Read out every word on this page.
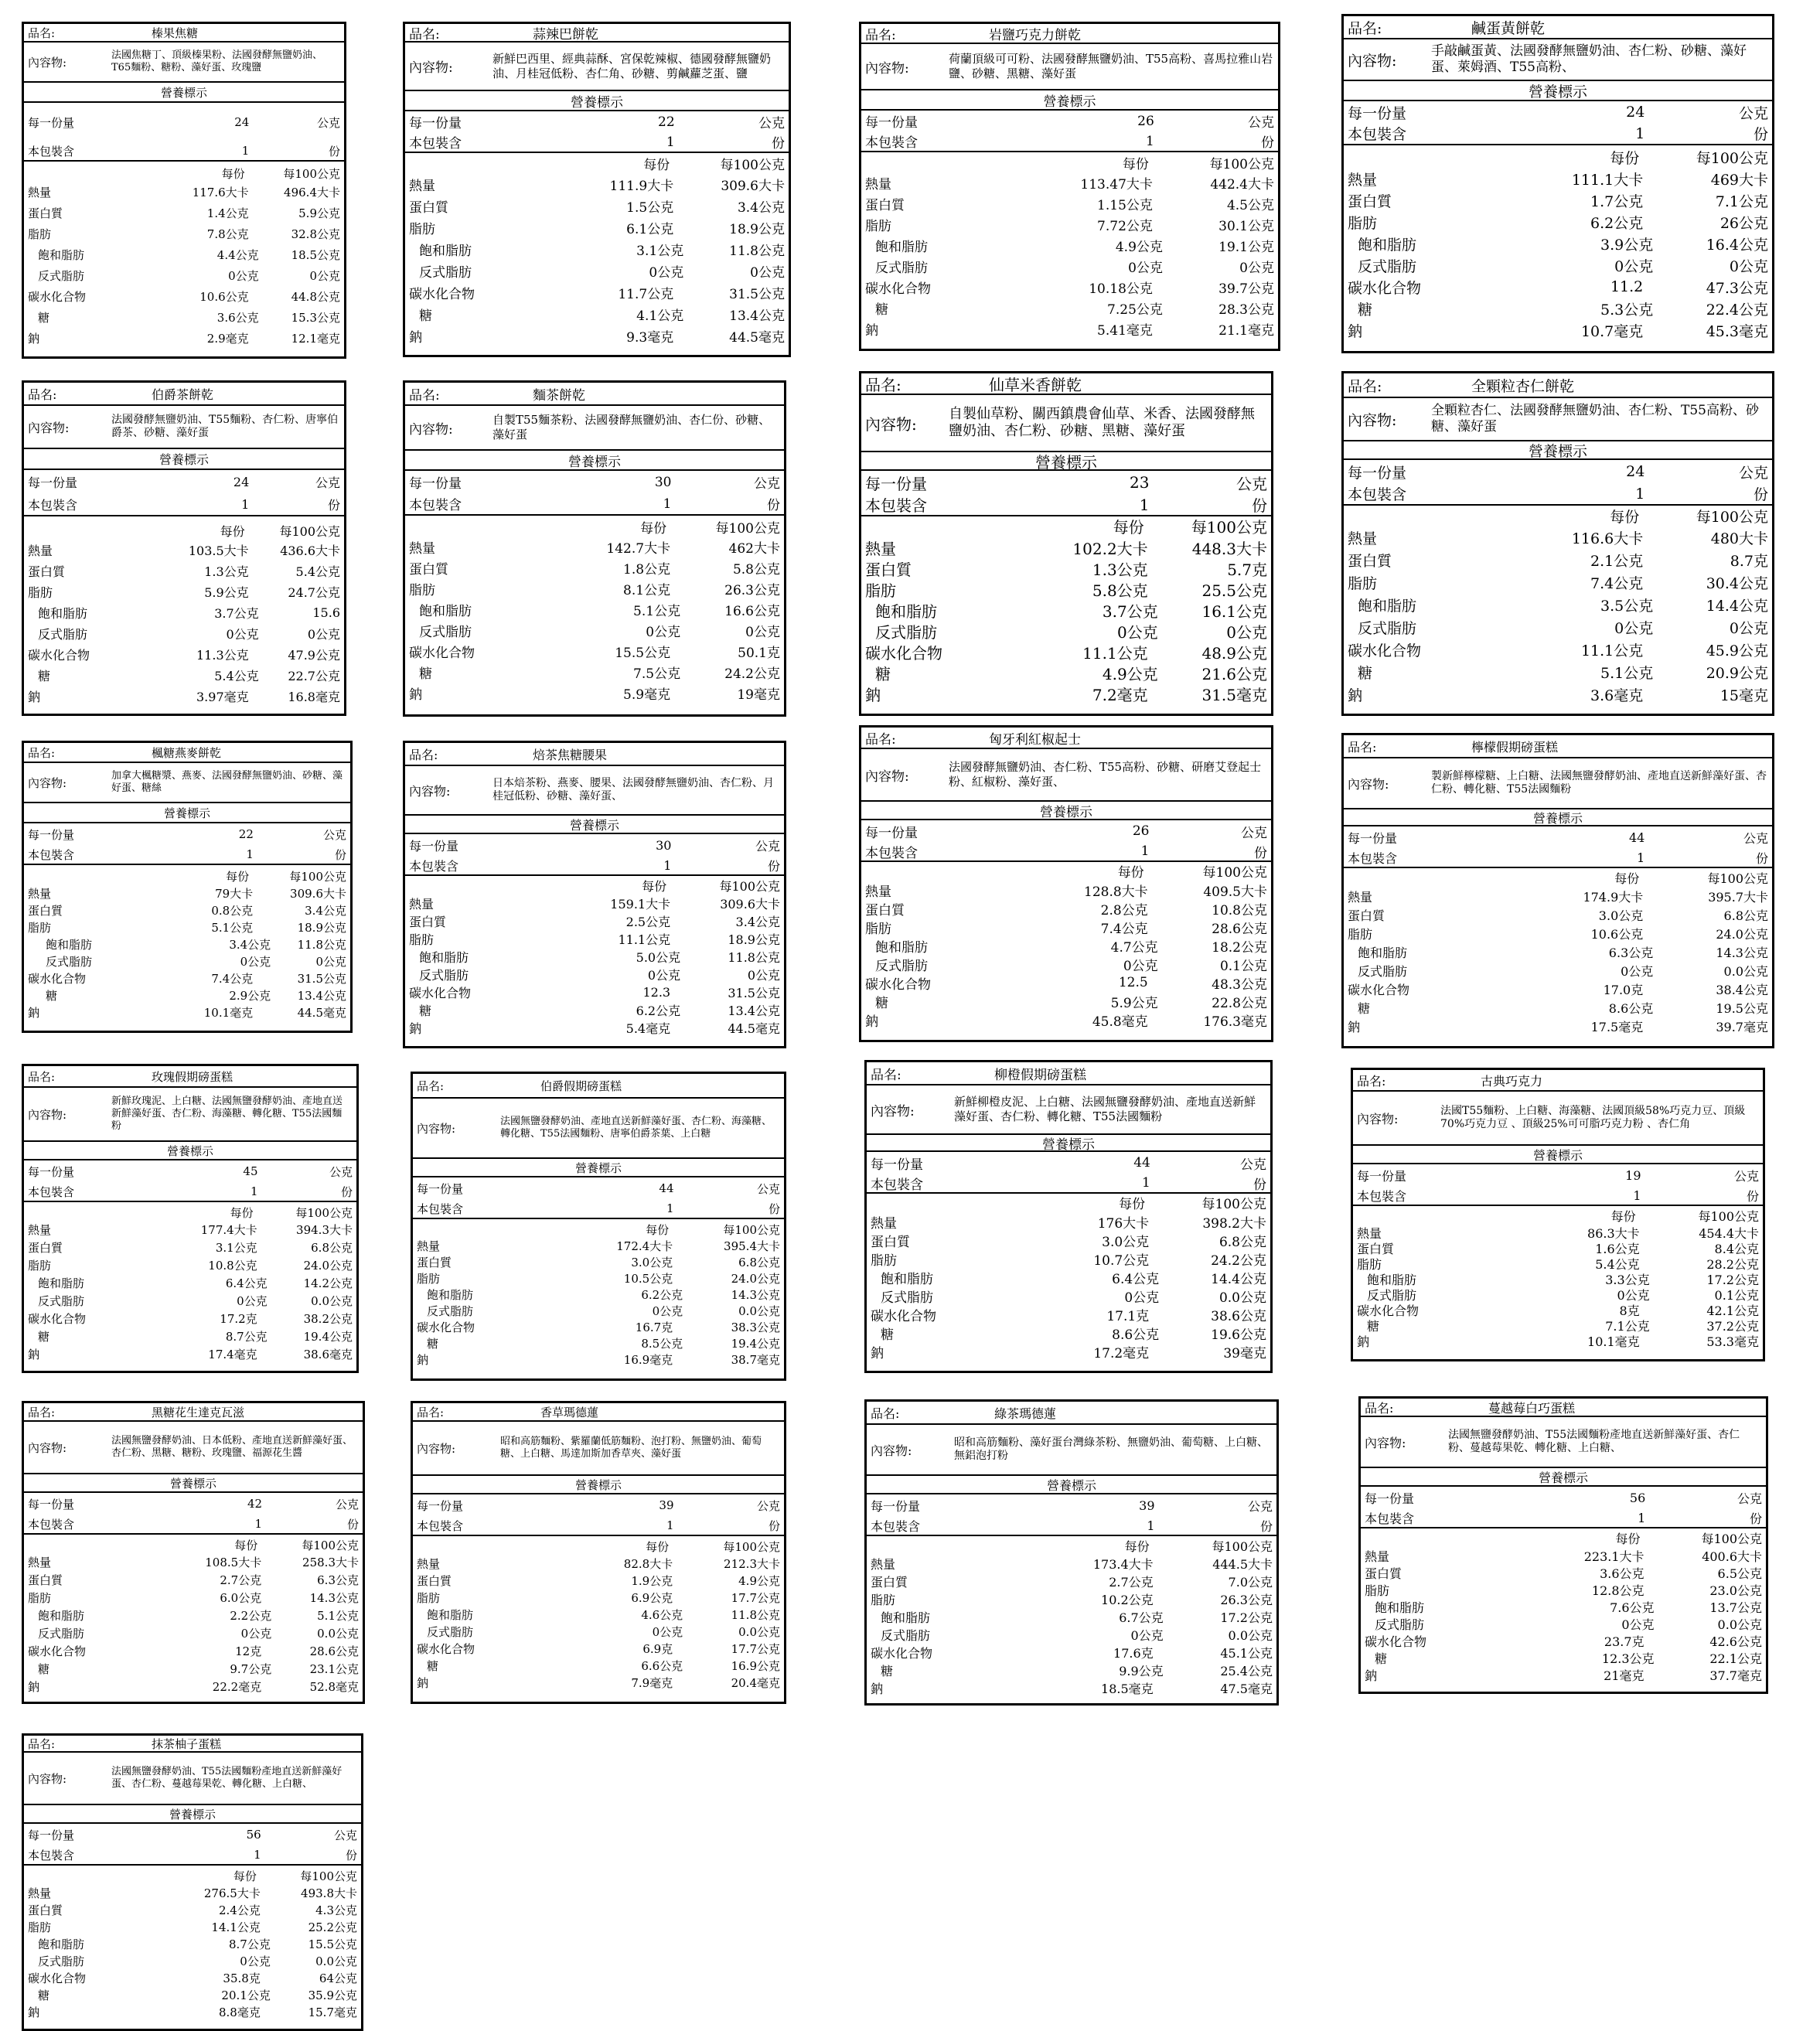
品名:	榛果焦糖
內容物:
法國焦糖丁、頂級榛果粉、法國發酵無鹽奶油、T65麵粉、糖粉、藻好蛋、玫瑰鹽
營養標示
每一份量	24	公克
本包裝含	1	份
每份	每100公克
熱量	117.6大卡	496.4大卡
蛋白質	1.4公克	5.9公克
脂肪	7.8公克	32.8公克
飽和脂肪	4.4公克	18.5公克
反式脂肪	0公克	0公克
碳水化合物	10.6公克	44.8公克
糖	3.6公克	15.3公克
鈉	2.9毫克	12.1毫克
品名:	蒜辣巴餅乾
內容物:
新鮮巴西里、經典蒜酥、宮保乾辣椒、德國發酵無鹽奶油、月桂冠低粉、杏仁角、砂糖、剪鹹蘿芝蛋、鹽
營養標示
每一份量	22	公克
本包裝含	1	份
每份	每100公克
熱量	111.9大卡	309.6大卡
蛋白質	1.5公克	3.4公克
脂肪	6.1公克	18.9公克
飽和脂肪	3.1公克	11.8公克
反式脂肪	0公克	0公克
碳水化合物	11.7公克	31.5公克
糖	4.1公克	13.4公克
鈉	9.3毫克	44.5毫克
品名:	岩鹽巧克力餅乾
內容物:
荷蘭頂級可可粉、法國發酵無鹽奶油、T55高粉、喜馬拉雅山岩鹽、砂糖、黑糖、藻好蛋
營養標示
每一份量	26	公克
本包裝含	1	份
每份	每100公克
熱量	113.47大卡	442.4大卡
蛋白質	1.15公克	4.5公克
脂肪	7.72公克	30.1公克
飽和脂肪	4.9公克	19.1公克
反式脂肪	0公克	0公克
碳水化合物	10.18公克	39.7公克
糖	7.25公克	28.3公克
鈉	5.41毫克	21.1毫克
品名:	鹹蛋黃餅乾
內容物:
手敲鹹蛋黃、法國發酵無鹽奶油、杏仁粉、砂糖、藻好蛋、萊姆酒、T55高粉、
營養標示
每一份量	24	公克
本包裝含	1	份
每份	每100公克
熱量	111.1大卡	469大卡
蛋白質	1.7公克	7.1公克
脂肪	6.2公克	26公克
飽和脂肪	3.9公克	16.4公克
反式脂肪	0公克	0公克
碳水化合物	11.2	47.3公克
糖	5.3公克	22.4公克
鈉	10.7毫克	45.3毫克
品名:	伯爵茶餅乾
內容物:
法國發酵無鹽奶油、T55麵粉、杏仁粉、唐寧伯爵茶、砂糖、藻好蛋
營養標示
每一份量	24	公克
本包裝含	1	份
每份	每100公克
熱量	103.5大卡	436.6大卡
蛋白質	1.3公克	5.4公克
脂肪	5.9公克	24.7公克
飽和脂肪	3.7公克	15.6
反式脂肪	0公克	0公克
碳水化合物	11.3公克	47.9公克
糖	5.4公克	22.7公克
鈉	3.97毫克	16.8毫克
品名:	麵茶餅乾
內容物:
自製T55麵茶粉、法國發酵無鹽奶油、杏仁份、砂糖、藻好蛋
營養標示
每一份量	30	公克
本包裝含	1	份
每份	每100公克
熱量	142.7大卡	462大卡
蛋白質	1.8公克	5.8公克
脂肪	8.1公克	26.3公克
飽和脂肪	5.1公克	16.6公克
反式脂肪	0公克	0公克
碳水化合物	15.5公克	50.1克
糖	7.5公克	24.2公克
鈉	5.9毫克	19毫克
品名:	仙草米香餅乾
內容物:
自製仙草粉、關西鎮農會仙草、米香、法國發酵無鹽奶油、杏仁粉、砂糖、黑糖、藻好蛋
營養標示
每一份量	23	公克
本包裝含	1	份
每份	每100公克
熱量	102.2大卡	448.3大卡
蛋白質	1.3公克	5.7克
脂肪	5.8公克	25.5公克
飽和脂肪	3.7公克	16.1公克
反式脂肪	0公克	0公克
碳水化合物	11.1公克	48.9公克
糖	4.9公克	21.6公克
鈉	7.2毫克	31.5毫克
品名:	全顆粒杏仁餅乾
內容物:
全顆粒杏仁、法國發酵無鹽奶油、杏仁粉、T55高粉、砂糖、藻好蛋
營養標示
每一份量	24	公克
本包裝含	1	份
每份	每100公克
熱量	116.6大卡	480大卡
蛋白質	2.1公克	8.7克
脂肪	7.4公克	30.4公克
飽和脂肪	3.5公克	14.4公克
反式脂肪	0公克	0公克
碳水化合物	11.1公克	45.9公克
糖	5.1公克	20.9公克
鈉	3.6毫克	15毫克
品名:	楓糖燕麥餅乾
內容物:
加拿大楓糖漿、燕麥、法國發酵無鹽奶油、砂糖、藻好蛋、糖絲
營養標示
每一份量	22	公克
本包裝含	1	份
每份	每100公克
熱量	79大卡	309.6大卡
蛋白質	0.8公克	3.4公克
脂肪	5.1公克	18.9公克
飽和脂肪	3.4公克	11.8公克
反式脂肪	0公克	0公克
碳水化合物	7.4公克	31.5公克
糖	2.9公克	13.4公克
鈉	10.1毫克	44.5毫克
品名:	焙茶焦糖腰果
內容物:
日本焙茶粉、燕麥、腰果、法國發酵無鹽奶油、杏仁粉、月桂冠低粉、砂糖、藻好蛋、
營養標示
每一份量	30	公克
本包裝含	1	份
每份	每100公克
熱量	159.1大卡	309.6大卡
蛋白質	2.5公克	3.4公克
脂肪	11.1公克	18.9公克
飽和脂肪	5.0公克	11.8公克
反式脂肪	0公克	0公克
碳水化合物	12.3	31.5公克
糖	6.2公克	13.4公克
鈉	5.4毫克	44.5毫克
品名:	匈牙利紅椒起士
內容物:
法國發酵無鹽奶油、杏仁粉、T55高粉、砂糖、研磨艾登起士粉、紅椒粉、藻好蛋、
營養標示
每一份量	26	公克
本包裝含	1	份
每份	每100公克
熱量	128.8大卡	409.5大卡
蛋白質	2.8公克	10.8公克
脂肪	7.4公克	28.6公克
飽和脂肪	4.7公克	18.2公克
反式脂肪	0公克	0.1公克
碳水化合物	12.5	48.3公克
糖	5.9公克	22.8公克
鈉	45.8毫克	176.3毫克
品名:	檸檬假期磅蛋糕
內容物:
製新鮮檸檬糖、上白糖、法國無鹽發酵奶油、產地直送新鮮藻好蛋、杏仁粉、轉化糖、T55法國麵粉
營養標示
每一份量	44	公克
本包裝含	1	份
每份	每100公克
熱量	174.9大卡	395.7大卡
蛋白質	3.0公克	6.8公克
脂肪	10.6公克	24.0公克
飽和脂肪	6.3公克	14.3公克
反式脂肪	0公克	0.0公克
碳水化合物	17.0克	38.4公克
糖	8.6公克	19.5公克
鈉	17.5毫克	39.7毫克
品名:	玫瑰假期磅蛋糕
內容物:
新鮮玫瑰泥、上白糖、法國無鹽發酵奶油、產地直送新鮮藻好蛋、杏仁粉、海藻糖、轉化糖、T55法國麵粉
營養標示
每一份量	45	公克
本包裝含	1	份
每份	每100公克
熱量	177.4大卡	394.3大卡
蛋白質	3.1公克	6.8公克
脂肪	10.8公克	24.0公克
飽和脂肪	6.4公克	14.2公克
反式脂肪	0公克	0.0公克
碳水化合物	17.2克	38.2公克
糖	8.7公克	19.4公克
鈉	17.4毫克	38.6毫克
品名:	伯爵假期磅蛋糕
內容物:
法國無鹽發酵奶油、產地直送新鮮藻好蛋、杏仁粉、海藻糖、轉化糖、T55法國麵粉、唐寧伯爵茶葉、上白糖
營養標示
每一份量	44	公克
本包裝含	1	份
每份	每100公克
熱量	172.4大卡	395.4大卡
蛋白質	3.0公克	6.8公克
脂肪	10.5公克	24.0公克
飽和脂肪	6.2公克	14.3公克
反式脂肪	0公克	0.0公克
碳水化合物	16.7克	38.3公克
糖	8.5公克	19.4公克
鈉	16.9毫克	38.7毫克
品名:	柳橙假期磅蛋糕
內容物:
新鮮柳橙皮泥、上白糖、法國無鹽發酵奶油、產地直送新鮮藻好蛋、杏仁粉、轉化糖、T55法國麵粉
營養標示
每一份量	44	公克
本包裝含	1	份
每份	每100公克
熱量	176大卡	398.2大卡
蛋白質	3.0公克	6.8公克
脂肪	10.7公克	24.2公克
飽和脂肪	6.4公克	14.4公克
反式脂肪	0公克	0.0公克
碳水化合物	17.1克	38.6公克
糖	8.6公克	19.6公克
鈉	17.2毫克	39毫克
品名:	古典巧克力
內容物:
法國T55麵粉、上白糖、海藻糖、法國頂級58%巧克力豆、頂級70%巧克力豆 、頂級25%可可脂巧克力粉 、杏仁角
營養標示
每一份量	19	公克
本包裝含	1	份
每份	每100公克
熱量	86.3大卡	454.4大卡
蛋白質	1.6公克	8.4公克
脂肪	5.4公克	28.2公克
飽和脂肪	3.3公克	17.2公克
反式脂肪	0公克	0.1公克
碳水化合物	8克	42.1公克
糖	7.1公克	37.2公克
鈉	10.1毫克	53.3毫克
品名:	黑糖花生達克瓦滋
內容物:
法國無鹽發酵奶油、日本低粉、產地直送新鮮藻好蛋、杏仁粉、黑糖、糖粉、玫瑰鹽、福源花生醬
營養標示
每一份量	42	公克
本包裝含	1	份
每份	每100公克
熱量	108.5大卡	258.3大卡
蛋白質	2.7公克	6.3公克
脂肪	6.0公克	14.3公克
飽和脂肪	2.2公克	5.1公克
反式脂肪	0公克	0.0公克
碳水化合物	12克	28.6公克
糖	9.7公克	23.1公克
鈉	22.2毫克	52.8毫克
品名:	香草瑪德蓮
內容物:
昭和高筋麵粉、紫羅蘭低筋麵粉、泡打粉、無鹽奶油、葡萄糖、上白糖、馬達加斯加香草夾、藻好蛋
營養標示
每一份量	39	公克
本包裝含	1	份
每份	每100公克
熱量	82.8大卡	212.3大卡
蛋白質	1.9公克	4.9公克
脂肪	6.9公克	17.7公克
飽和脂肪	4.6公克	11.8公克
反式脂肪	0公克	0.0公克
碳水化合物	6.9克	17.7公克
糖	6.6公克	16.9公克
鈉	7.9毫克	20.4毫克
品名:	綠茶瑪德蓮
內容物:
昭和高筋麵粉、藻好蛋台灣綠茶粉、無鹽奶油、葡萄糖、上白糖、無鋁泡打粉
營養標示
每一份量	39	公克
本包裝含	1	份
每份	每100公克
熱量	173.4大卡	444.5大卡
蛋白質	2.7公克	7.0公克
脂肪	10.2公克	26.3公克
飽和脂肪	6.7公克	17.2公克
反式脂肪	0公克	0.0公克
碳水化合物	17.6克	45.1公克
糖	9.9公克	25.4公克
鈉	18.5毫克	47.5毫克
品名:	蔓越莓白巧蛋糕
內容物:
法國無鹽發酵奶油、T55法國麵粉產地直送新鮮藻好蛋、杏仁粉、蔓越莓果乾、轉化糖、上白糖、
營養標示
每一份量	56	公克
本包裝含	1	份
每份	每100公克
熱量	223.1大卡	400.6大卡
蛋白質	3.6公克	6.5公克
脂肪	12.8公克	23.0公克
飽和脂肪	7.6公克	13.7公克
反式脂肪	0公克	0.0公克
碳水化合物	23.7克	42.6公克
糖	12.3公克	22.1公克
鈉	21毫克	37.7毫克
品名:	抹茶柚子蛋糕
內容物:
法國無鹽發酵奶油、T55法國麵粉產地直送新鮮藻好蛋、杏仁粉、蔓越莓果乾、轉化糖、上白糖、
營養標示
每一份量	56	公克
本包裝含	1	份
每份	每100公克
熱量	276.5大卡	493.8大卡
蛋白質	2.4公克	4.3公克
脂肪	14.1公克	25.2公克
飽和脂肪	8.7公克	15.5公克
反式脂肪	0公克	0.0公克
碳水化合物	35.8克	64公克
糖	20.1公克	35.9公克
鈉	8.8毫克	15.7毫克
